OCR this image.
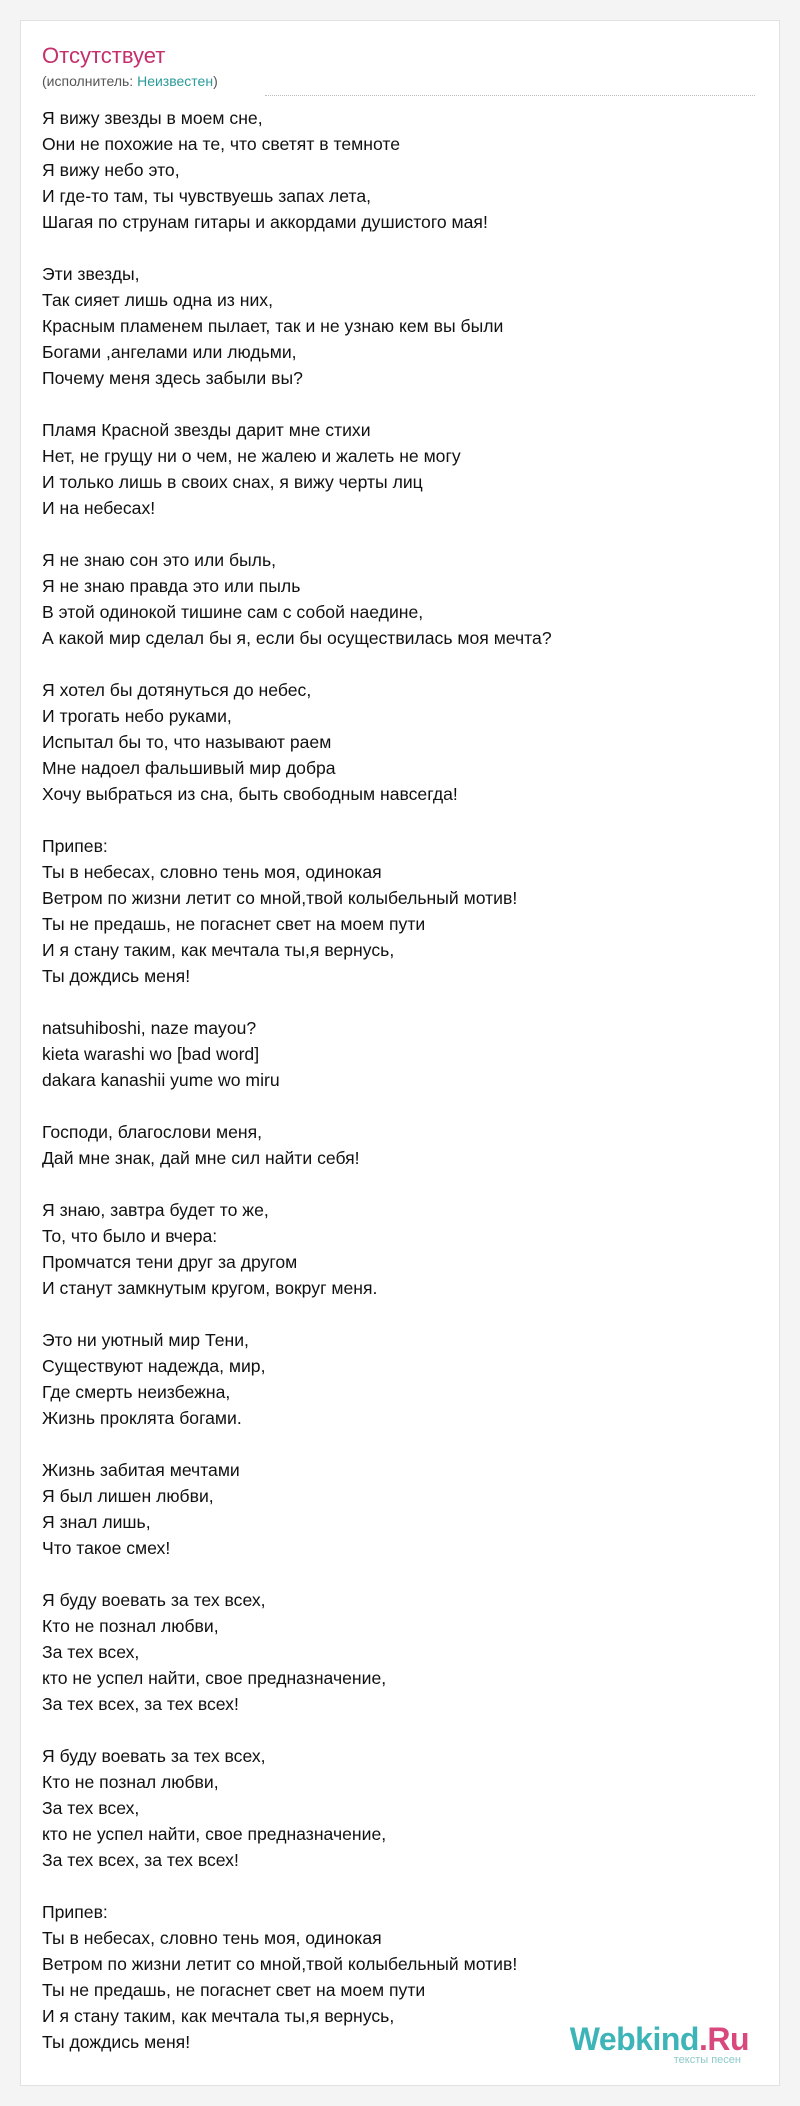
Отсутствует
(исполнитель: Неизвестен)
Я вижу звезды в моем сне,
Они не похожие на те, что светят в темноте
Я вижу небо это,
И где-то там, ты чувствуешь запах лета,
Шагая по струнам гитары и аккордами душистого мая!
Эти звезды,
Так сияет лишь одна из них,
Красным пламенем пылает, так и не узнаю кем вы были
Богами ,ангелами или людьми,
Почему меня здесь забыли вы?
Пламя Красной звезды дарит мне стихи
Нет, не грущу ни о чем, не жалею и жалеть не могу
И только лишь в своих снах, я вижу черты лиц
И на небесах!
Я не знаю сон это или быль,
Я не знаю правда это или пыль
В этой одинокой тишине сам с собой наедине,
А какой мир сделал бы я, если бы осуществилась моя мечта?
Я хотел бы дотянуться до небес,
И трогать небо руками,
Испытал бы то, что называют раем
Мне надоел фальшивый мир добра
Хочу выбраться из сна, быть свободным навсегда!
Припев:
Ты в небесах, словно тень моя, одинокая
Ветром по жизни летит со мной,твой колыбельный мотив!
Ты не предашь, не погаснет свет на моем пути
И я стану таким, как мечтала ты,я вернусь,
Ты дождись меня!
natsuhiboshi, naze mayou?
kieta warashi wo [bad word]
dakara kanashii yume wo miru
Господи, благослови меня,
Дай мне знак, дай мне сил найти себя!
Я знаю, завтра будет то же,
То, что было и вчера:
Промчатся тени друг за другом
И станут замкнутым кругом, вокруг меня.
Это ни уютный мир Тени,
Существуют надежда, мир,
Где смерть неизбежна,
Жизнь проклята богами.
Жизнь забитая мечтами
Я был лишен любви,
Я знал лишь,
Что такое смех!
Я буду воевать за тех всех,
Кто не познал любви,
За тех всех,
кто не успел найти, свое предназначение,
За тех всех, за тех всех!
Я буду воевать за тех всех,
Кто не познал любви,
За тех всех,
кто не успел найти, свое предназначение,
За тех всех, за тех всех!
Припев:
Ты в небесах, словно тень моя, одинокая
Ветром по жизни летит со мной,твой колыбельный мотив!
Ты не предашь, не погаснет свет на моем пути
И я стану таким, как мечтала ты,я вернусь,
Ты дождись меня!	Webkind.Ru
тексты песен
